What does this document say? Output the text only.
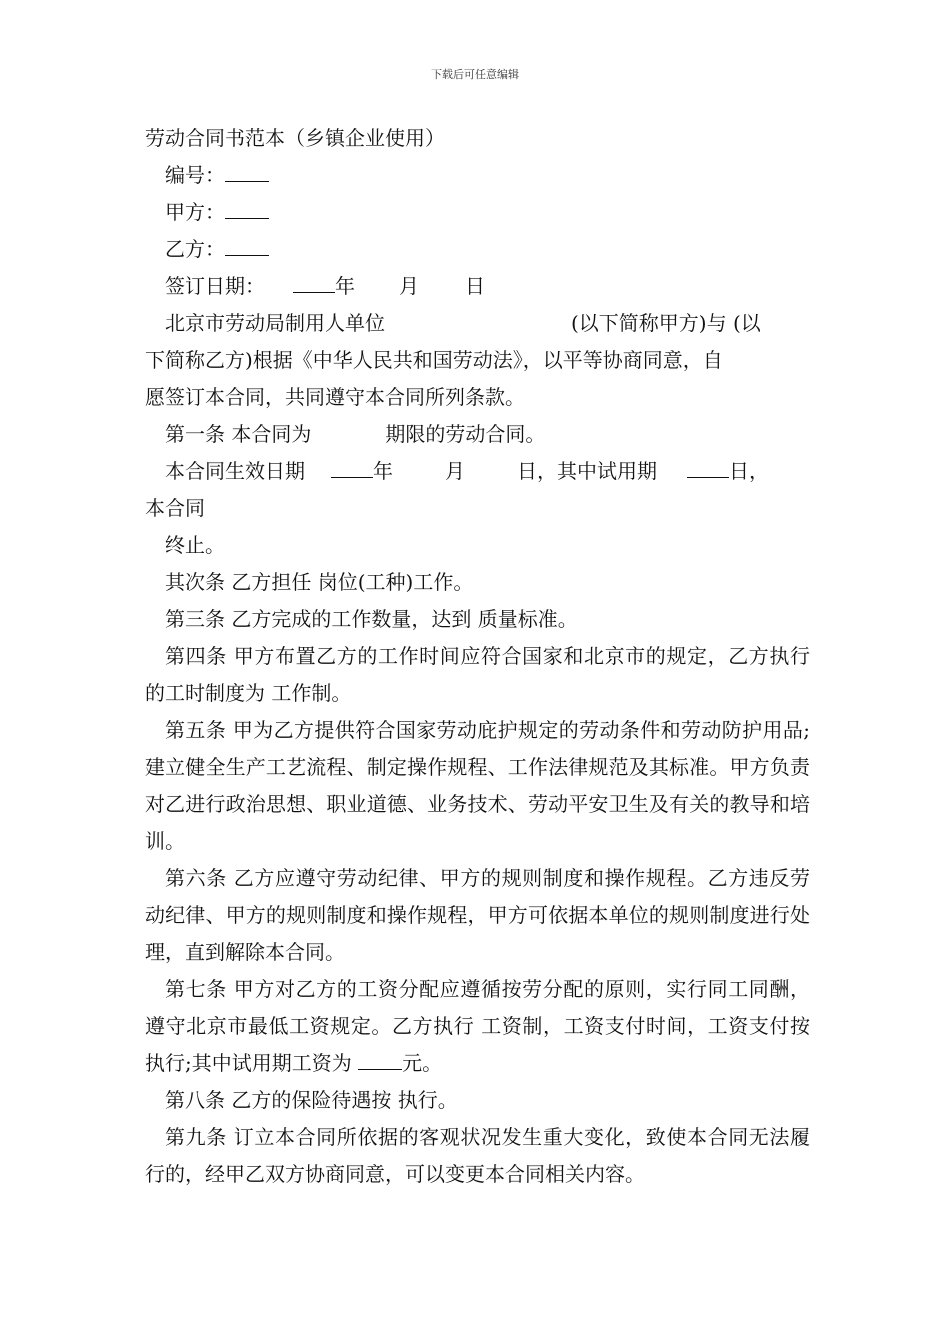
下载后可任意编辑

劳动合同书范本（乡镇企业使用）

编号：

甲方：

乙方：

签订日期：	年 月 日

北京市劳动局制用人单位	(以下简称甲方)与 (以

下简称乙方)根据《中华人民共和国劳动法》，以平等协商同意，自

愿签订本合同，共同遵守本合同所列条款。

第一条 本合同为	期限的劳动合同。

本合同生效日期	年	月	日，其中试用期	日，

本合同

终止。

其次条 乙方担任 岗位(工种)工作。

第三条 乙方完成的工作数量，达到 质量标准。

第四条 甲方布置乙方的工作时间应符合国家和北京市的规定，乙方执行的工时制度为 工作制。

第五条 甲为乙方提供符合国家劳动庇护规定的劳动条件和劳动防护用品;建立健全生产工艺流程、制定操作规程、工作法律规范及其标准。甲方负责对乙进行政治思想、职业道德、业务技术、劳动平安卫生及有关的教导和培训。

第六条 乙方应遵守劳动纪律、甲方的规则制度和操作规程。乙方违反劳动纪律、甲方的规则制度和操作规程，甲方可依据本单位的规则制度进行处理，直到解除本合同。

第七条 甲方对乙方的工资分配应遵循按劳分配的原则，实行同工同酬，遵守北京市最低工资规定。乙方执行 工资制，工资支付时间，工资支付按 执行;其中试用期工资为	元。

第八条 乙方的保险待遇按 执行。

第九条 订立本合同所依据的客观状况发生重大变化，致使本合同无法履行的，经甲乙双方协商同意，可以变更本合同相关内容。
